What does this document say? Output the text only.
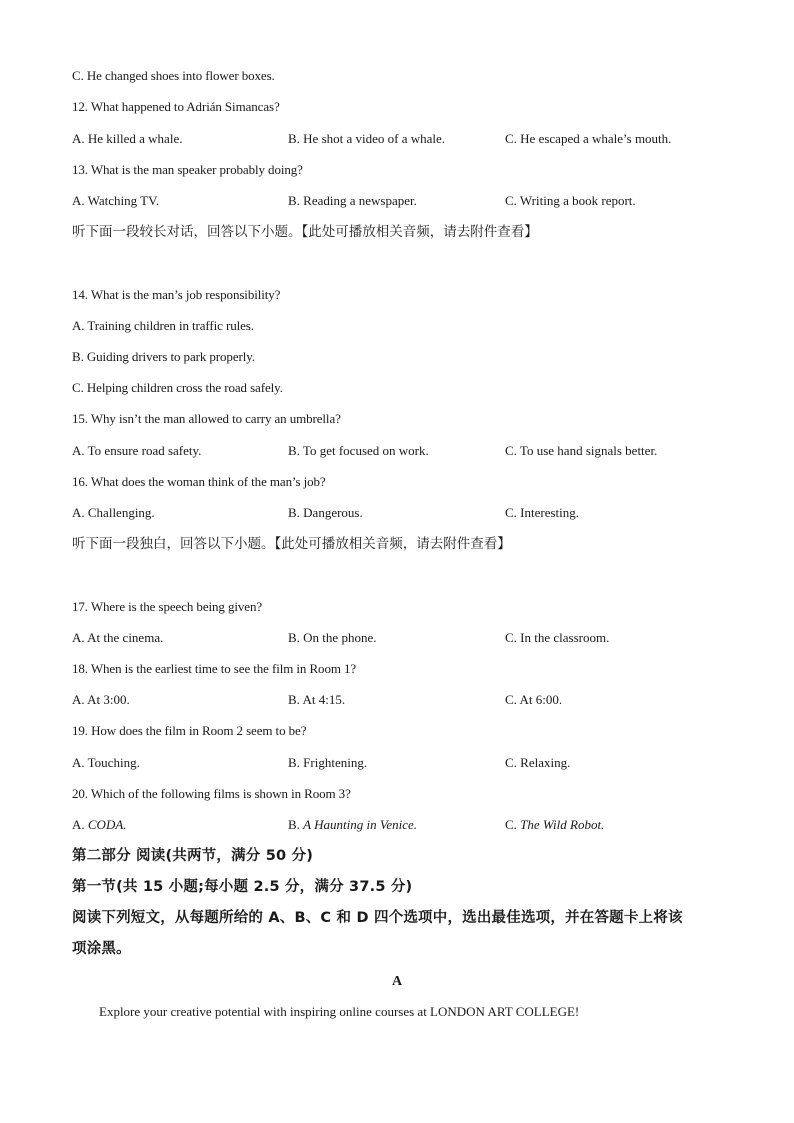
C. He changed shoes into flower boxes.
12. What happened to Adrián Simancas?
A. He killed a whale.	B. He shot a video of a whale.	C. He escaped a whale’s mouth.
13. What is the man speaker probably doing?
A. Watching TV.	B. Reading a newspaper.	C. Writing a book report.
听下面一段较长对话，回答以下小题。【此处可播放相关音频，请去附件查看】
14. What is the man’s job responsibility?
A. Training children in traffic rules.
B. Guiding drivers to park properly.
C. Helping children cross the road safely.
15. Why isn’t the man allowed to carry an umbrella?
A. To ensure road safety.	B. To get focused on work.	C. To use hand signals better.
16. What does the woman think of the man’s job?
A. Challenging.	B. Dangerous.	C. Interesting.
听下面一段独白，回答以下小题。【此处可播放相关音频，请去附件查看】
17. Where is the speech being given?
A. At the cinema.	B. On the phone.	C. In the classroom.
18. When is the earliest time to see the film in Room 1?
A. At 3:00.	B. At 4:15.	C. At 6:00.
19. How does the film in Room 2 seem to be?
A. Touching.	B. Frightening.	C. Relaxing.
20. Which of the following films is shown in Room 3?
A. CODA.	B. A Haunting in Venice.	C. The Wild Robot.
第二部分 阅读(共两节，满分 50 分)
第一节(共 15 小题;每小题 2.5 分，满分 37.5 分)
阅读下列短文，从每题所给的 A、B、C 和 D 四个选项中，选出最佳选项，并在答题卡上将该
项涂黑。
A
Explore your creative potential with inspiring online courses at LONDON ART COLLEGE!
